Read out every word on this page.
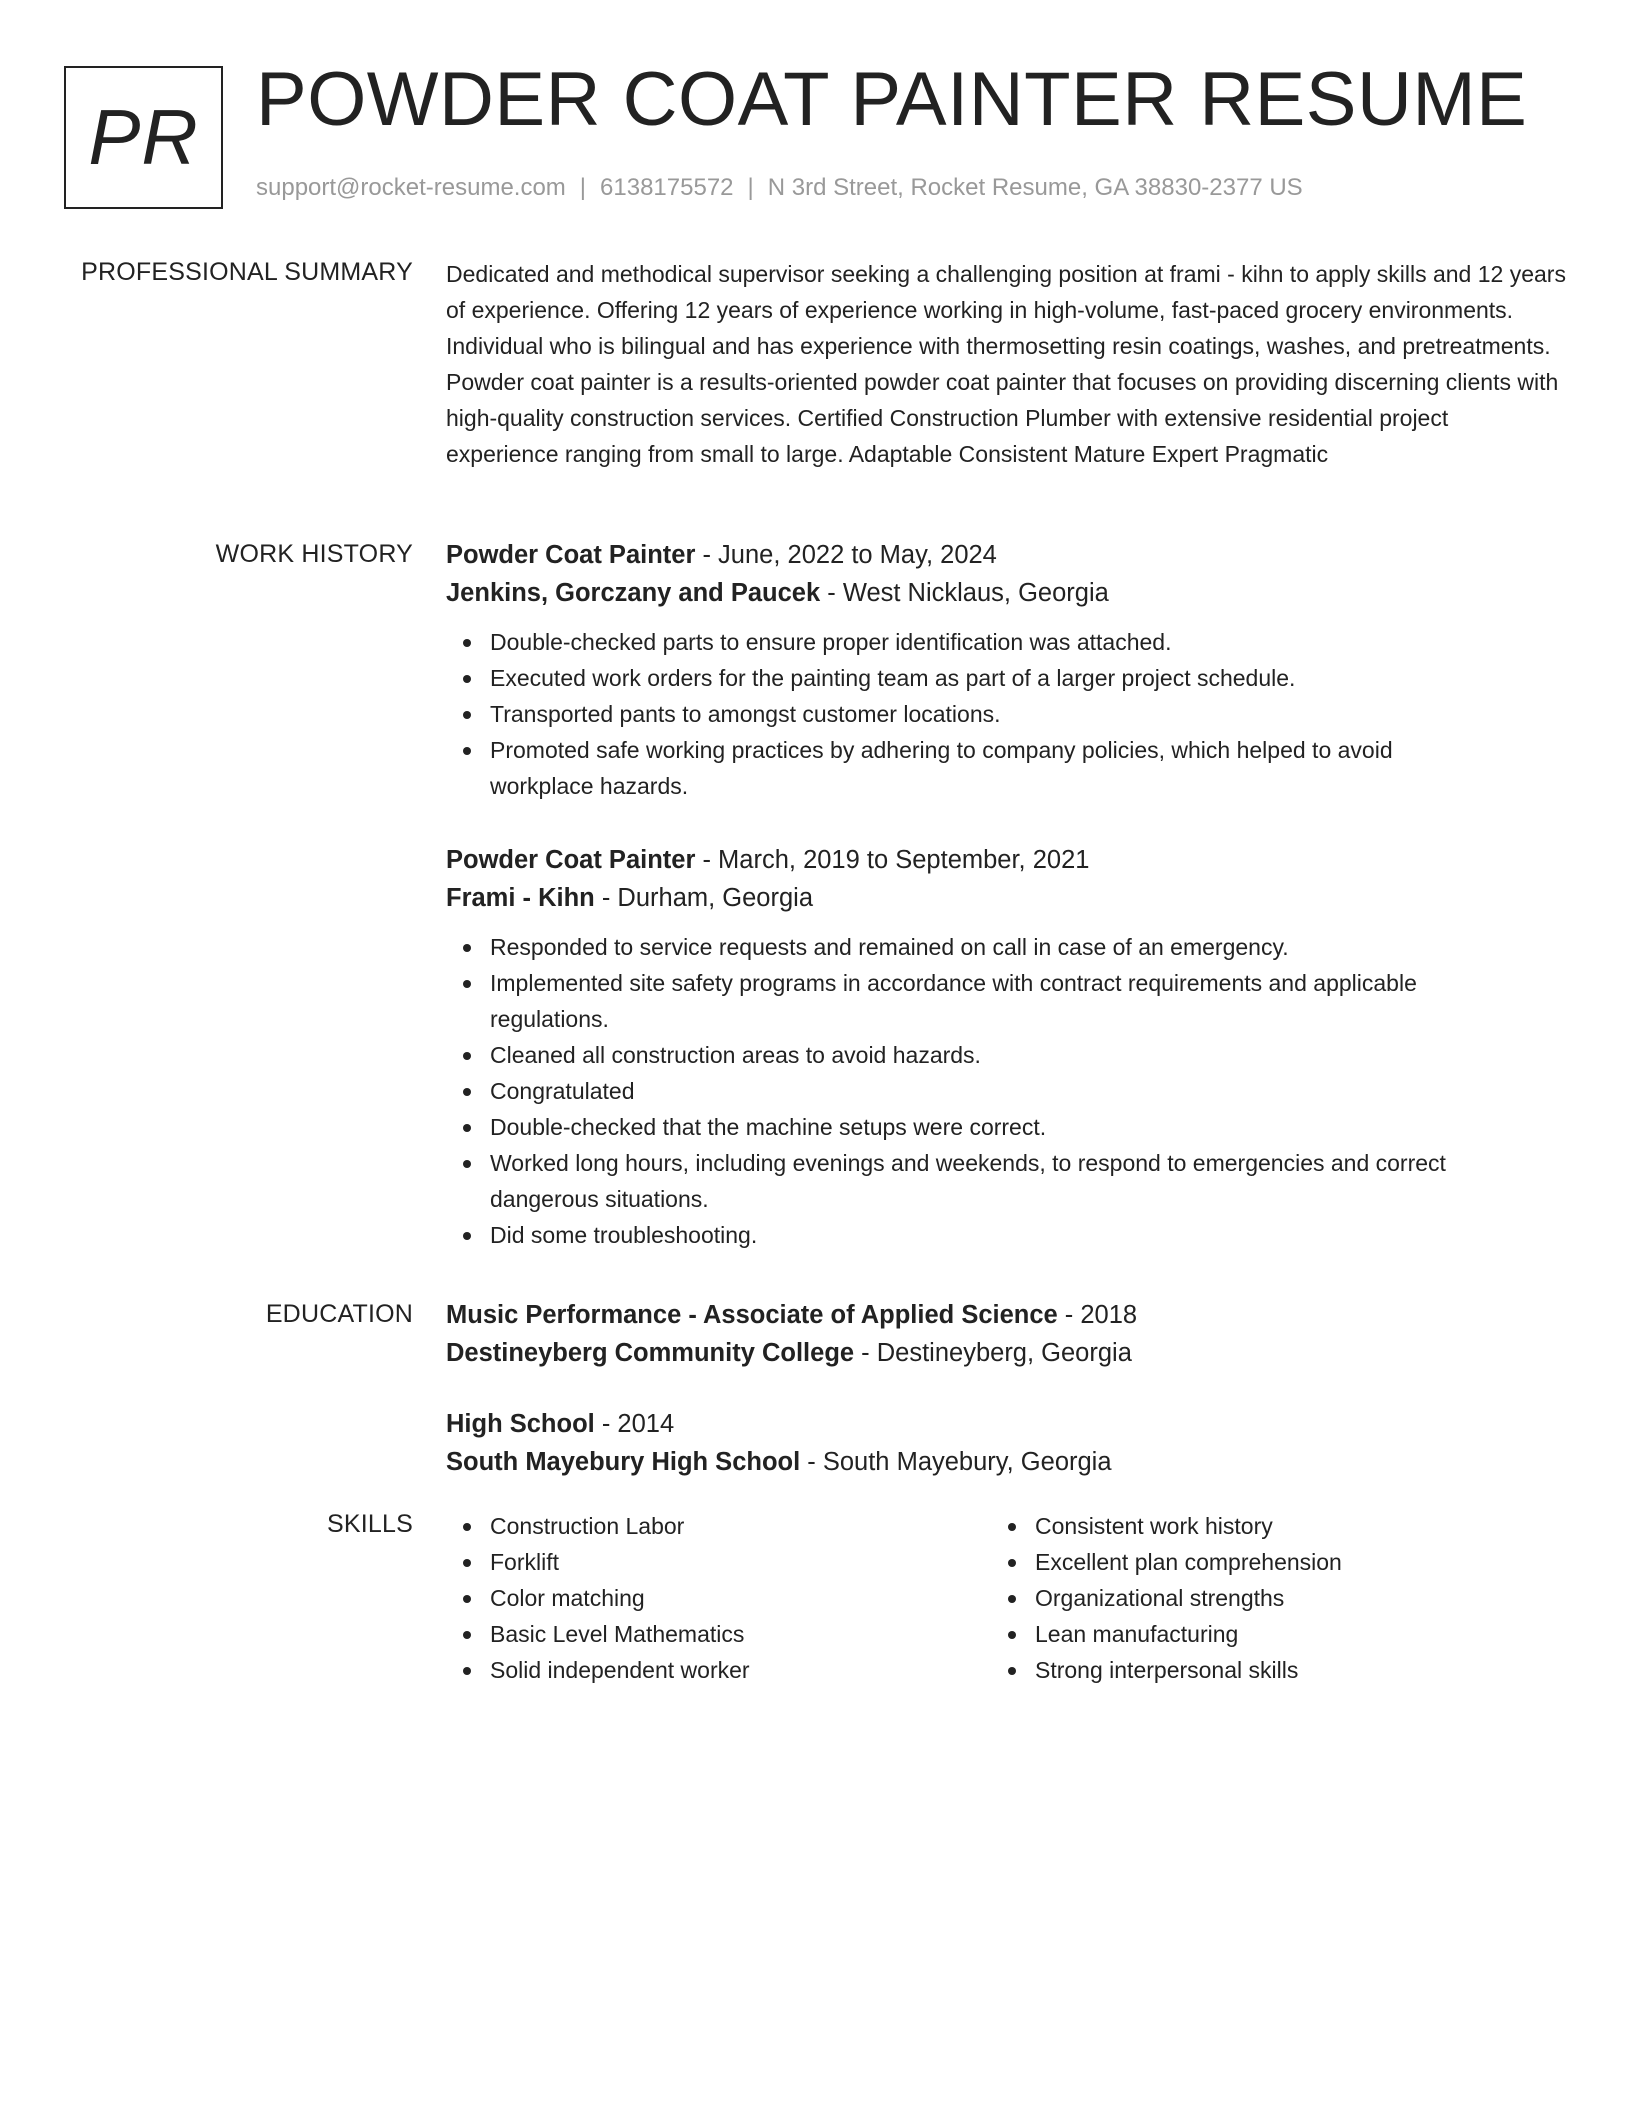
PR POWDER COAT PAINTER RESUME
support@rocket-resume.com | 6138175572 | N 3rd Street, Rocket Resume, GA 38830-2377 US
PROFESSIONAL SUMMARY Dedicated and methodical supervisor seeking a challenging position at frami - kihn to apply skills and 12 years of experience. Offering 12 years of experience working in high-volume, fast-paced grocery environments. Individual who is bilingual and has experience with thermosetting resin coatings, washes, and pretreatments. Powder coat painter is a results-oriented powder coat painter that focuses on providing discerning clients with high-quality construction services. Certified Construction Plumber with extensive residential project experience ranging from small to large. Adaptable Consistent Mature Expert Pragmatic
WORK HISTORY Powder Coat Painter - June, 2022 to May, 2024
Jenkins, Gorczany and Paucek - West Nicklaus, Georgia
Double-checked parts to ensure proper identification was attached.
Executed work orders for the painting team as part of a larger project schedule.
Transported pants to amongst customer locations.
Promoted safe working practices by adhering to company policies, which helped to avoid workplace hazards.
Powder Coat Painter - March, 2019 to September, 2021
Frami - Kihn - Durham, Georgia
Responded to service requests and remained on call in case of an emergency.
Implemented site safety programs in accordance with contract requirements and applicable regulations.
Cleaned all construction areas to avoid hazards.
Congratulated
Double-checked that the machine setups were correct.
Worked long hours, including evenings and weekends, to respond to emergencies and correct dangerous situations.
Did some troubleshooting.
EDUCATION Music Performance - Associate of Applied Science - 2018
Destineyberg Community College - Destineyberg, Georgia
High School - 2014
South Mayebury High School - South Mayebury, Georgia
SKILLS	Construction Labor
Forklift
Color matching
Basic Level Mathematics
Solid independent worker
Consistent work history
Excellent plan comprehension
Organizational strengths
Lean manufacturing
Strong interpersonal skills
